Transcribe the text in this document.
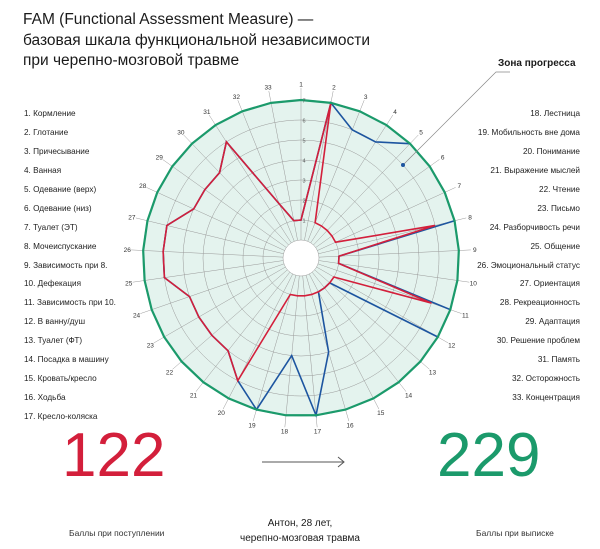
FAM (Functional Assessment Measure) —
базовая шкала функциональной независимости
при черепно-мозговой травме	Зона прогресса
1. Кормление
2. Глотание
3. Причесывание
4. Ванная
5. Одевание (верх)
6. Одевание (низ)
7. Туалет (ЭТ)
8. Мочеиспускание
9. Зависимость при 8.
10. Дефекация
11. Зависимость при 10.
12. В ванну/душ
13. Туалет (ФТ)
14. Посадка в машину
15. Кровать/кресло
16. Ходьба
17. Кресло-коляска
18. Лестница
19. Мобильность вне дома
20. Понимание
21. Выражение мыслей
22. Чтение
23. Письмо
24. Разборчивость речи
25. Общение
26. Эмоциональный статус
27. Ориентация
28. Рекреационность
29. Адаптация
30. Решение проблем
31. Память
32. Осторожность
33. Концентрация
1	2
3
4
5
6
7
8
9
10
11
12
13
14
15
16
17
18
19
20
21
22
23
24
25
26
27
28
29
30
31
32
33
1
2
3
4
5
6
7
122	229
Баллы при поступлении
Антон, 28 лет,
черепно-мозговая травма	Баллы при выписке
